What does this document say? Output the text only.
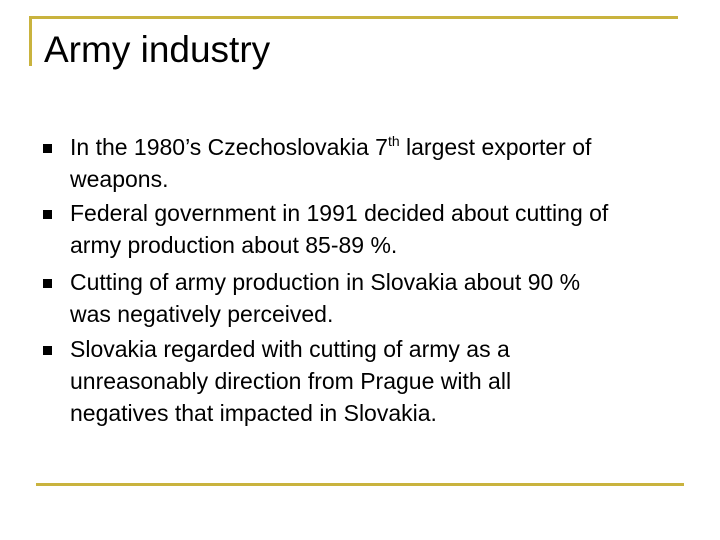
Army industry
In the 1980’s Czechoslovakia 7th largest exporter of
weapons.
Federal government in 1991 decided about cutting of
army production about 85-89 %.
Cutting of army production in Slovakia about 90 %
was negatively perceived.
Slovakia regarded with cutting of army as a
unreasonably direction from Prague with all
negatives that impacted in Slovakia.
